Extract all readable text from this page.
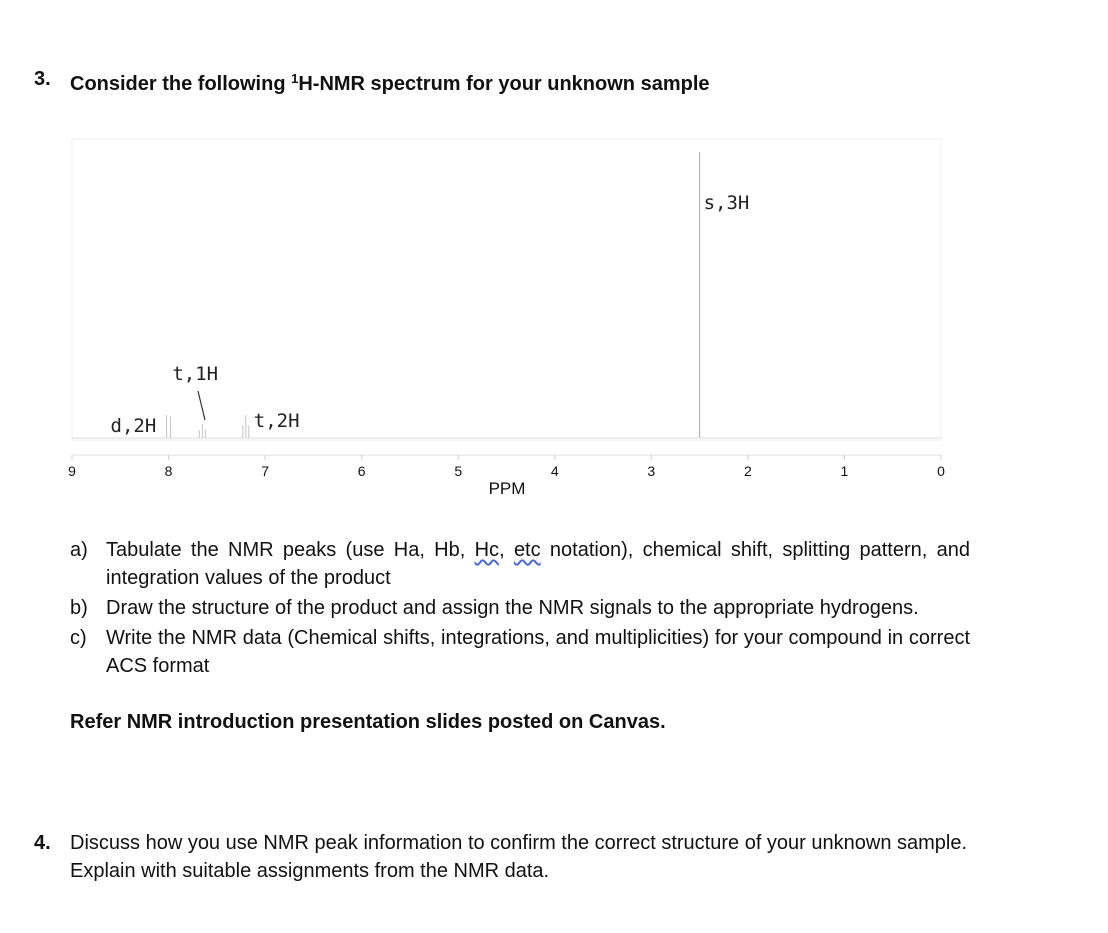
3. Consider the following $^1$H-NMR spectrum for your unknown sample
9	8	7	6	5	4	3	2	1	0
d,2H
t,1H
t,2H
s,3H
PPM
a) Tabulate the NMR peaks (use Ha, Hb, Hc, etc notation), chemical shift, splitting pattern, and integration values of the product
b) Draw the structure of the product and assign the NMR signals to the appropriate hydrogens.
c) Write the NMR data (Chemical shifts, integrations, and multiplicities) for your compound in correct ACS format
Refer NMR introduction presentation slides posted on Canvas.
4. Discuss how you use NMR peak information to confirm the correct structure of your unknown sample. Explain with suitable assignments from the NMR data.
